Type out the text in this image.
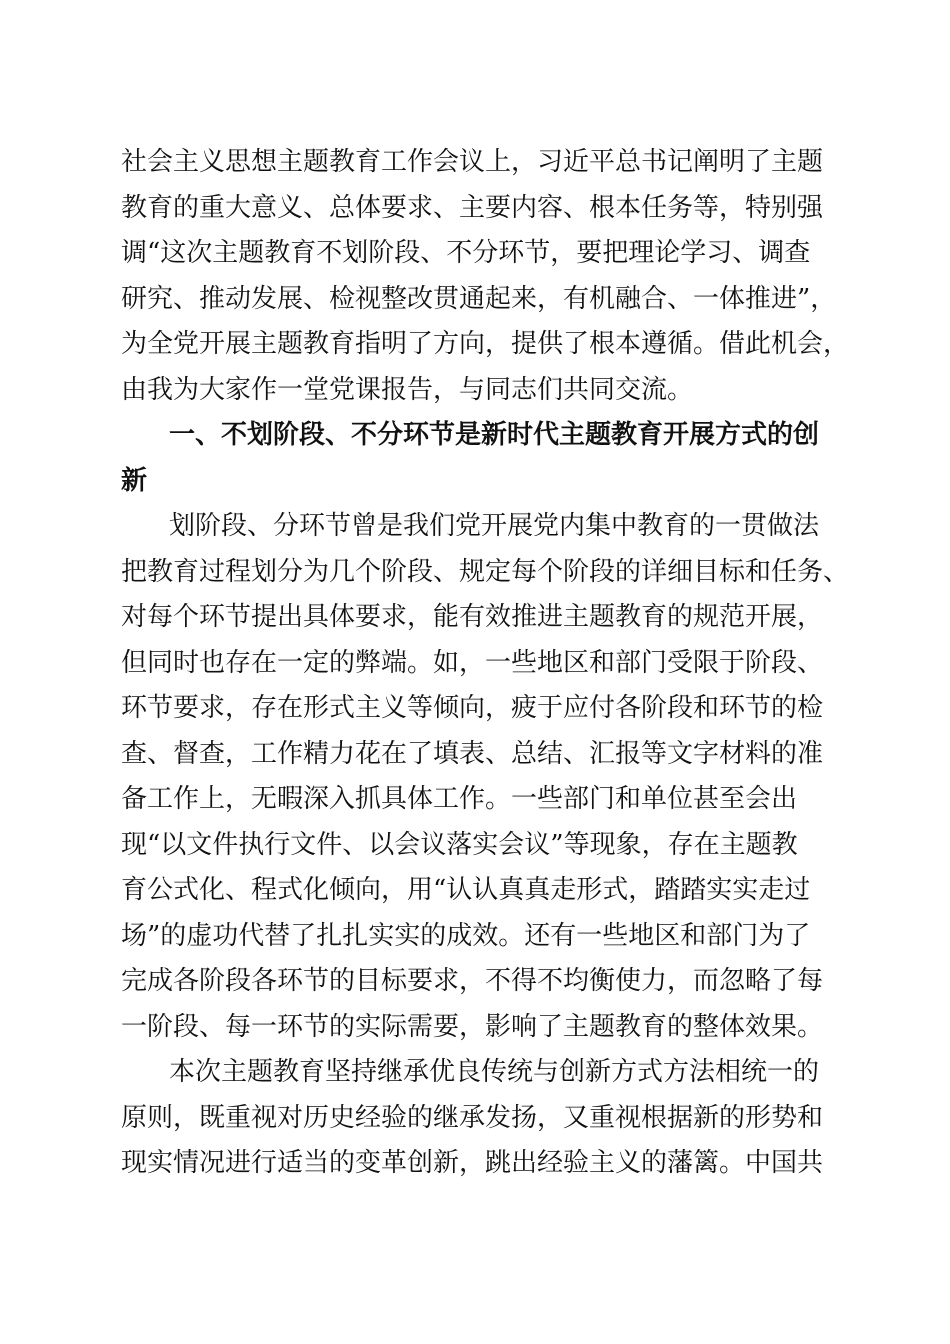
社会主义思想主题教育工作会议上，习近平总书记阐明了主题
教育的重大意义、总体要求、主要内容、根本任务等，特别强
调“这次主题教育不划阶段、不分环节，要把理论学习、调查
研究、推动发展、检视整改贯通起来，有机融合、一体推进”，
为全党开展主题教育指明了方向，提供了根本遵循。借此机会，
由我为大家作一堂党课报告，与同志们共同交流。
一、不划阶段、不分环节是新时代主题教育开展方式的创
新
划阶段、分环节曾是我们党开展党内集中教育的一贯做法
把教育过程划分为几个阶段、规定每个阶段的详细目标和任务、
对每个环节提出具体要求，能有效推进主题教育的规范开展，
但同时也存在一定的弊端。如，一些地区和部门受限于阶段、
环节要求，存在形式主义等倾向，疲于应付各阶段和环节的检
查、督查，工作精力花在了填表、总结、汇报等文字材料的准
备工作上，无暇深入抓具体工作。一些部门和单位甚至会出
现“以文件执行文件、以会议落实会议”等现象，存在主题教
育公式化、程式化倾向，用“认认真真走形式，踏踏实实走过
场”的虚功代替了扎扎实实的成效。还有一些地区和部门为了
完成各阶段各环节的目标要求，不得不均衡使力，而忽略了每
一阶段、每一环节的实际需要，影响了主题教育的整体效果。
本次主题教育坚持继承优良传统与创新方式方法相统一的
原则，既重视对历史经验的继承发扬，又重视根据新的形势和
现实情况进行适当的变革创新，跳出经验主义的藩篱。中国共
